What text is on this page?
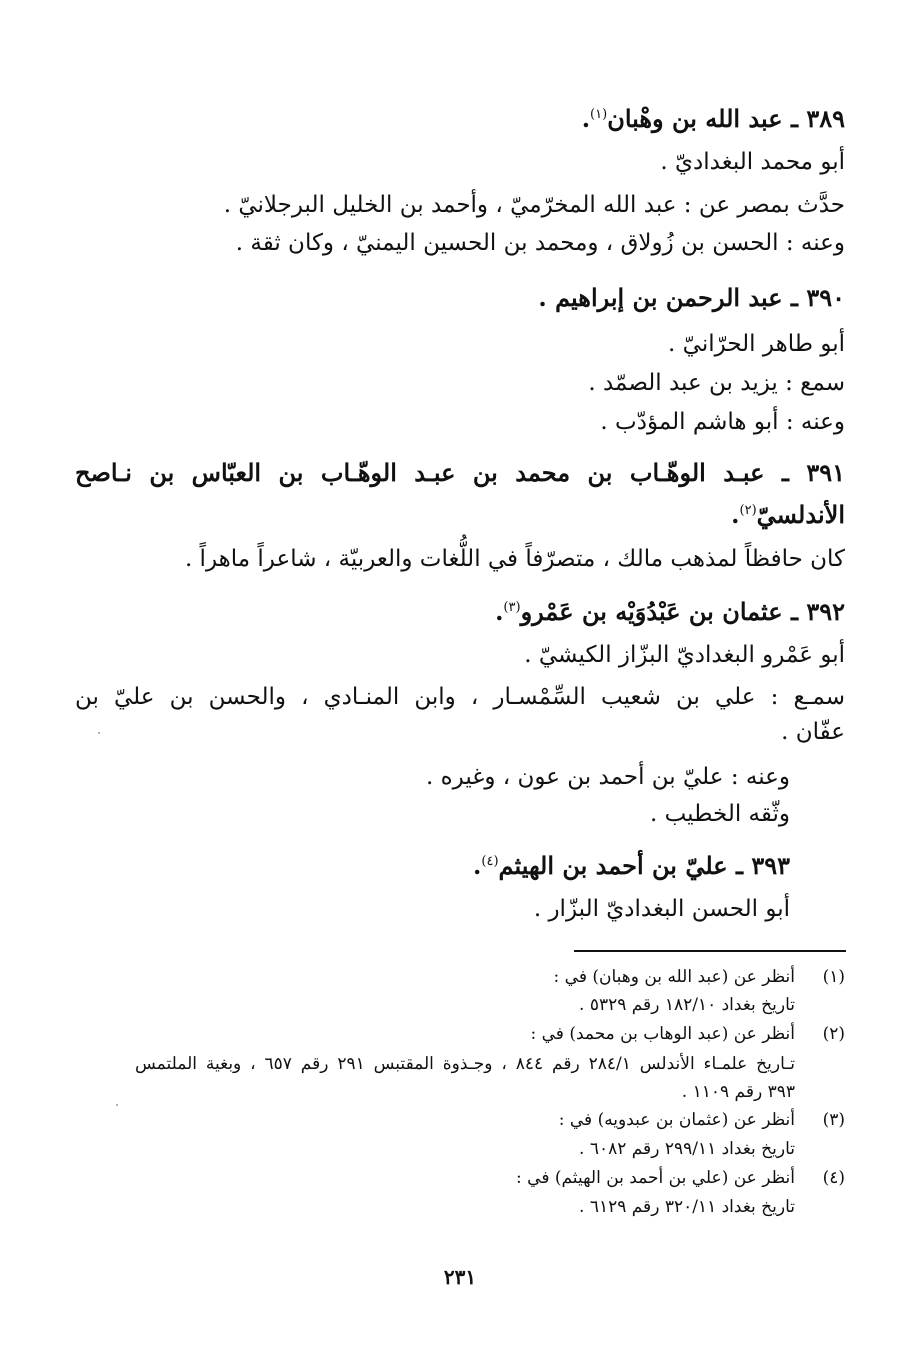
٣٨٩ ـ عبد الله بن وهْبان$^{(١)}$.
أبو محمد البغداديّ .
حدَّث بمصر عن : عبد الله المخرّميّ ، وأحمد بن الخليل البرجلانيّ .
وعنه : الحسن بن زُولاق ، ومحمد بن الحسين اليمنيّ ، وكان ثقة .
٣٩٠ ـ عبد الرحمن بن إبراهيم .
أبو طاهر الحرّانيّ .
سمع : يزيد بن عبد الصمّد .
وعنه : أبو هاشم المؤدّب .
٣٩١ ـ عبـد الوهّـاب بن محمد بن عبـد الوهّـاب بن العبّاس بن نـاصح
الأندلسيّ$^{(٢)}$.
كان حافظاً لمذهب مالك ، متصرّفاً في اللُّغات والعربيّة ، شاعراً ماهراً .
٣٩٢ ـ عثمان بن عَبْدُوَيْه بن عَمْرو$^{(٣)}$.
أبو عَمْرو البغداديّ البزّاز الكيشيّ .
سمـع : علي بن شعيب السِّمْسـار ، وابن المنـادي ، والحسن بن عليّ بن
عفّان .
وعنه : عليّ بن أحمد بن عون ، وغيره .
وثّقه الخطيب .
٣٩٣ ـ عليّ بن أحمد بن الهيثم$^{(٤)}$.
أبو الحسن البغداديّ البزّار .
(١)أنظر عن (عبد الله بن وهبان) في :
تاريخ بغداد ١٨٢/١٠ رقم ٥٣٢٩ .
(٢)أنظر عن (عبد الوهاب بن محمد) في :
تـاريخ علمـاء الأندلس ٢٨٤/١ رقم ٨٤٤ ، وجـذوة المقتبس ٢٩١ رقم ٦٥٧ ، وبغية الملتمس
٣٩٣ رقم ١١٠٩ .
(٣)أنظر عن (عثمان بن عبدويه) في :
تاريخ بغداد ٢٩٩/١١ رقم ٦٠٨٢ .
(٤)أنظر عن (علي بن أحمد بن الهيثم) في :
تاريخ بغداد ٣٢٠/١١ رقم ٦١٢٩ .
٢٣١
